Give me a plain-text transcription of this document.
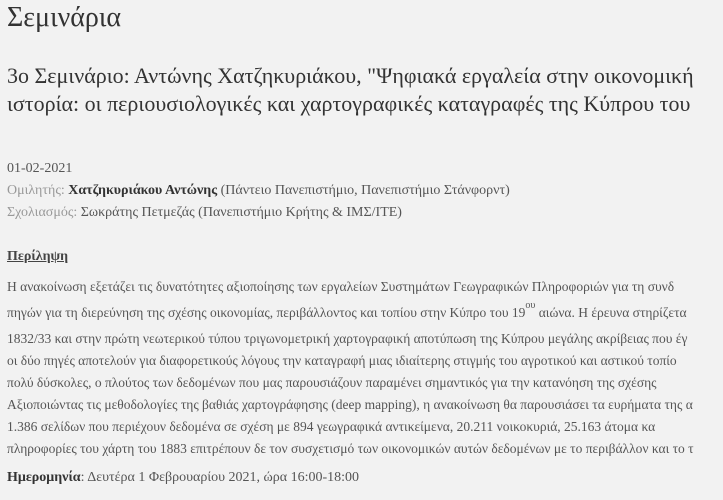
Σεμινάρια
3ο Σεμινάριο: Αντώνης Χατζηκυριάκου, "Ψηφιακά εργαλεία στην οικονομική
ιστορία: οι περιουσιολογικές και χαρτογραφικές καταγραφές της Κύπρου του
01-02-2021
Ομιλητής: Χατζηκυριάκου Αντώνης (Πάντειο Πανεπιστήμιο, Πανεπιστήμιο Στάνφορντ)
Σχολιασμός: Σωκράτης Πετμεζάς (Πανεπιστήμιο Κρήτης & ΙΜΣ/ΙΤΕ)
Περίληψη
Η ανακοίνωση εξετάζει τις δυνατότητες αξιοποίησης των εργαλείων Συστημάτων Γεωγραφικών Πληροφοριών για τη συνδ
πηγών για τη διερεύνηση της σχέσης οικονομίας, περιβάλλοντος και τοπίου στην Κύπρο του $19^{o\upsilon}$ αιώνα. Η έρευνα στηρίζετα
1832/33 και στην πρώτη νεωτερικού τύπου τριγωνομετρική χαρτογραφική αποτύπωση της Κύπρου μεγάλης ακρίβειας που έγ
οι δύο πηγές αποτελούν για διαφορετικούς λόγους την καταγραφή μιας ιδιαίτερης στιγμής του αγροτικού και αστικού τοπίο
πολύ δύσκολες, ο πλούτος των δεδομένων που μας παρουσιάζουν παραμένει σημαντικός για την κατανόηση της σχέσης
Αξιοποιώντας τις μεθοδολογίες της βαθιάς χαρτογράφησης (deep mapping), η ανακοίνωση θα παρουσιάσει τα ευρήματα της α
1.386 σελίδων που περιέχουν δεδομένα σε σχέση με 894 γεωγραφικά αντικείμενα, 20.211 νοικοκυριά, 25.163 άτομα κα
πληροφορίες του χάρτη του 1883 επιτρέπουν δε τον συσχετισμό των οικονομικών αυτών δεδομένων με το περιβάλλον και το τ
Ημερομηνία: Δευτέρα 1 Φεβρουαρίου 2021, ώρα 16:00-18:00
